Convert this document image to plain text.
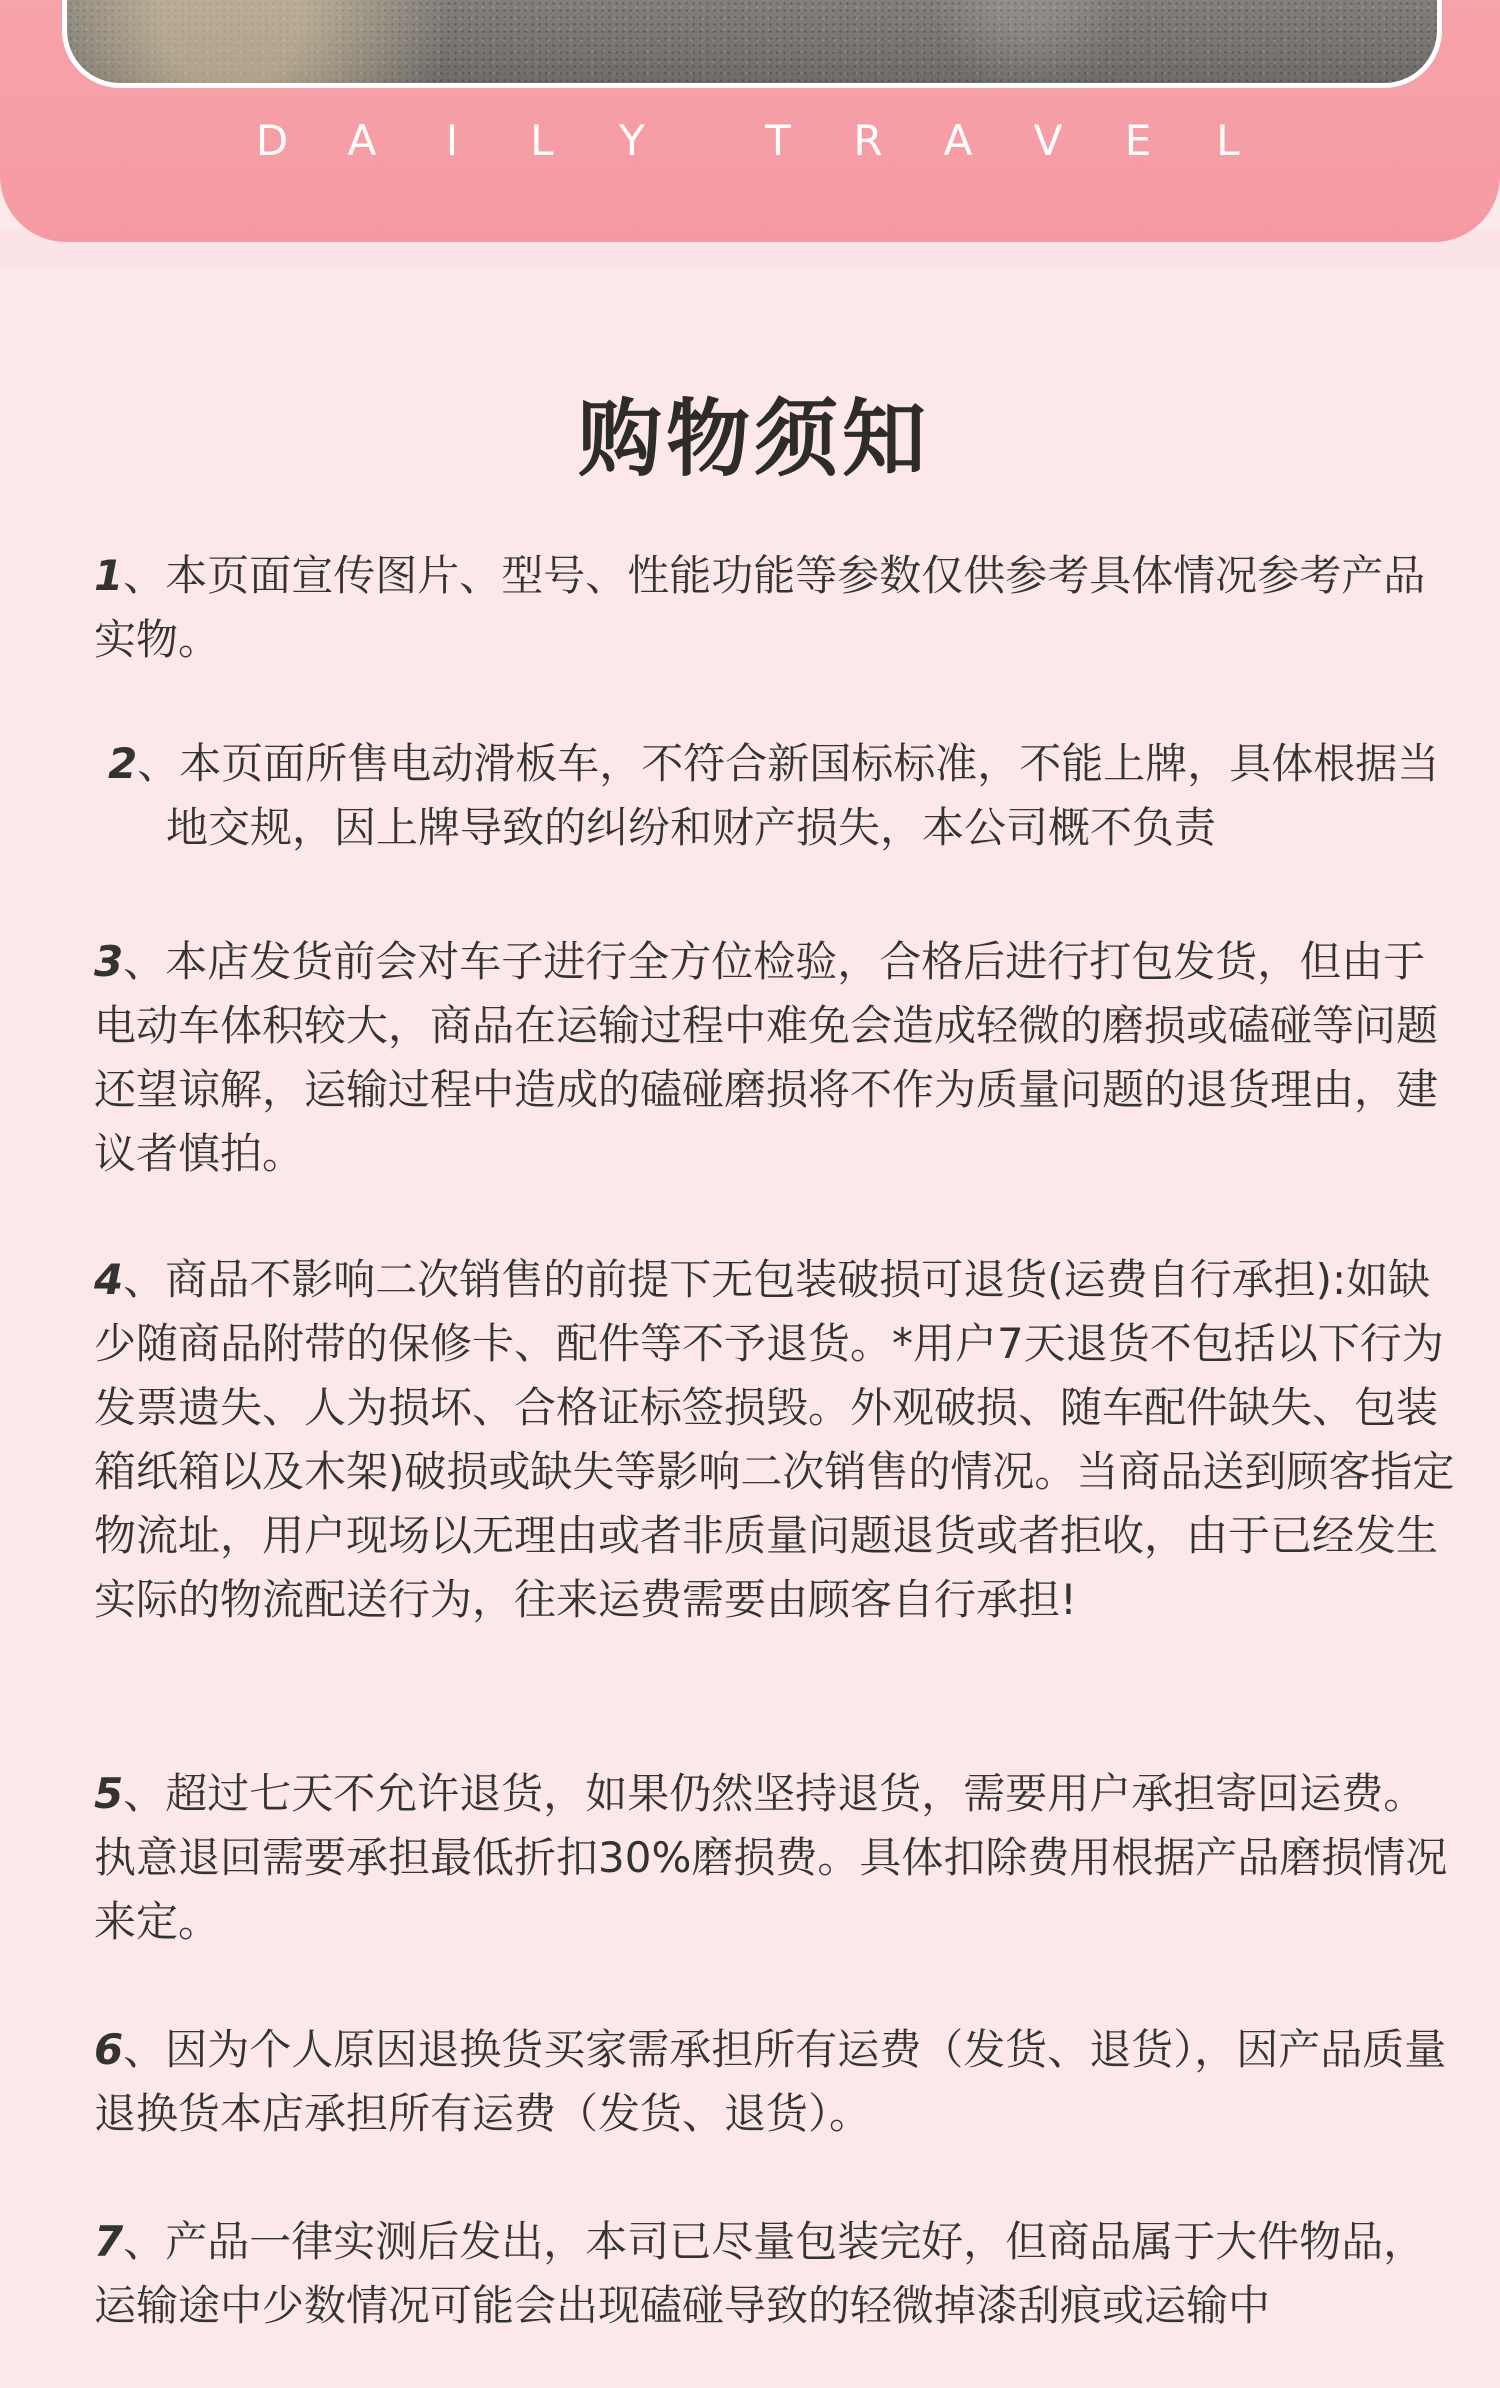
D A I L Y	T R A V E L
购物须知

1、本页面宣传图片、型号、性能功能等参数仅供参考具体情况参考产品实物。

2、本页面所售电动滑板车，不符合新国标标准，不能上牌，具体根据当地交规，因上牌导致的纠纷和财产损失，本公司概不负责

3、本店发货前会对车子进行全方位检验，合格后进行打包发货，但由于电动车体积较大，商品在运输过程中难免会造成轻微的磨损或磕碰等问题还望谅解，运输过程中造成的磕碰磨损将不作为质量问题的退货理由，建议者慎拍。

4、商品不影响二次销售的前提下无包装破损可退货(运费自行承担):如缺少随商品附带的保修卡、配件等不予退货。*用户7天退货不包括以下行为发票遗失、人为损坏、合格证标签损毁。外观破损、随车配件缺失、包装箱纸箱以及木架)破损或缺失等影响二次销售的情况。当商品送到顾客指定物流址，用户现场以无理由或者非质量问题退货或者拒收，由于已经发生实际的物流配送行为，往来运费需要由顾客自行承担!

5、超过七天不允许退货，如果仍然坚持退货，需要用户承担寄回运费。执意退回需要承担最低折扣30%磨损费。具体扣除费用根据产品磨损情况来定。

6、因为个人原因退换货买家需承担所有运费（发货、退货），因产品质量退换货本店承担所有运费（发货、退货）。

7、产品一律实测后发出，本司已尽量包装完好，但商品属于大件物品，运输途中少数情况可能会出现磕碰导致的轻微掉漆刮痕或运输中
